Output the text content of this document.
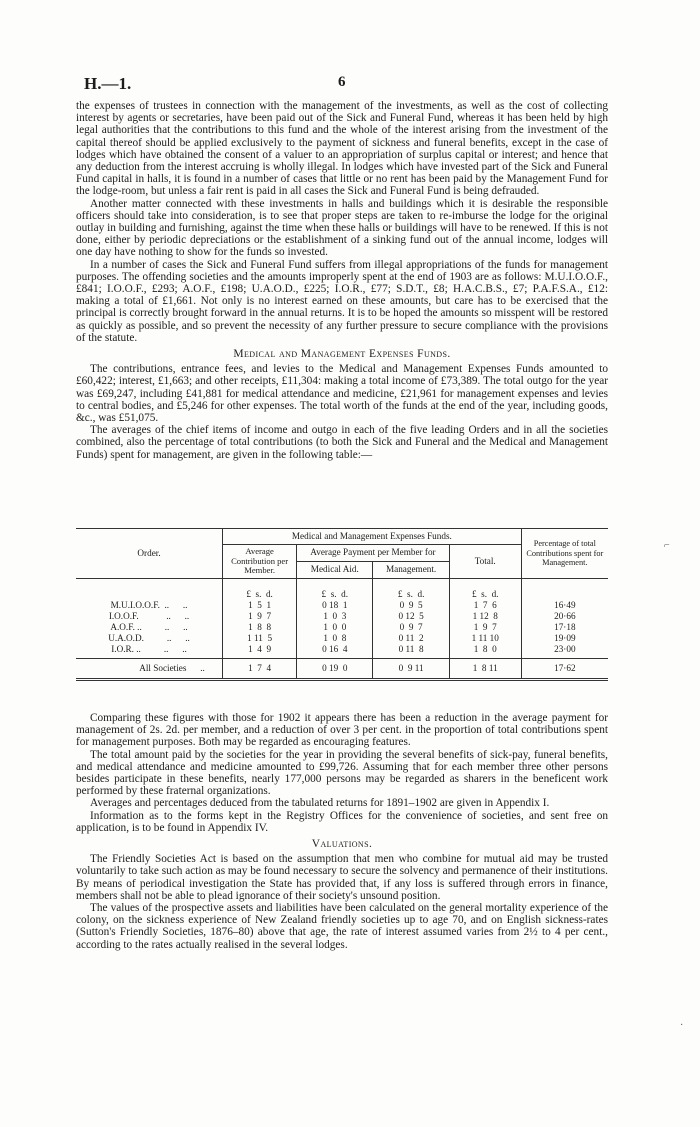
H.—1.	6

the expenses of trustees in connection with the management of the investments, as well as the cost of collecting interest by agents or secretaries, have been paid out of the Sick and Funeral Fund, whereas it has been held by high legal authorities that the contributions to this fund and the whole of the interest arising from the investment of the capital thereof should be applied exclusively to the payment of sickness and funeral benefits, except in the case of lodges which have obtained the consent of a valuer to an appropriation of surplus capital or interest; and hence that any deduction from the interest accruing is wholly illegal. In lodges which have invested part of the Sick and Funeral Fund capital in halls, it is found in a number of cases that little or no rent has been paid by the Management Fund for the lodge-room, but unless a fair rent is paid in all cases the Sick and Funeral Fund is being defrauded.

Another matter connected with these investments in halls and buildings which it is desirable the responsible officers should take into consideration, is to see that proper steps are taken to re-imburse the lodge for the original outlay in building and furnishing, against the time when these halls or buildings will have to be renewed. If this is not done, either by periodic depreciations or the establishment of a sinking fund out of the annual income, lodges will one day have nothing to show for the funds so invested.

In a number of cases the Sick and Funeral Fund suffers from illegal appropriations of the funds for management purposes. The offending societies and the amounts improperly spent at the end of 1903 are as follows: M.U.I.O.O.F., £841; I.O.O.F., £293; A.O.F., £198; U.A.O.D., £225; I.O.R., £77; S.D.T., £8; H.A.C.B.S., £7; P.A.F.S.A., £12: making a total of £1,661. Not only is no interest earned on these amounts, but care has to be exercised that the principal is correctly brought forward in the annual returns. It is to be hoped the amounts so misspent will be restored as quickly as possible, and so prevent the necessity of any further pressure to secure compliance with the provisions of the statute.

Medical and Management Expenses Funds.

The contributions, entrance fees, and levies to the Medical and Management Expenses Funds amounted to £60,422; interest, £1,663; and other receipts, £11,304: making a total income of £73,389. The total outgo for the year was £69,247, including £41,881 for medical attendance and medicine, £21,961 for management expenses and levies to central bodies, and £5,246 for other expenses. The total worth of the funds at the end of the year, including goods, &c., was £51,075.

The averages of the chief items of income and outgo in each of the five leading Orders and in all the societies combined, also the percentage of total contributions (to both the Sick and Funeral and the Medical and Management Funds) spent for management, are given in the following table:—

Order.	Medical and Management Expenses Funds.				Percentage of total Contributions spent for Management.
	Average Contribution per Member.	Average Payment per Member for		Total.	
		Medical Aid.	Management.		
	£  s.  d.	£  s.  d.	£  s.  d.	£  s.  d.	
M.U.I.O.O.F.  ..      ..	1  5  1	0 18  1	0  9  5	1  7  6	16·49
I.O.O.F.            ..      ..	1  9  7	1  0  3	0 12  5	1 12  8	20·66
A.O.F. ..          ..      ..	1  8  8	1  0  0	0  9  7	1  9  7	17·18
U.A.O.D.          ..      ..	1 11  5	1  0  8	0 11  2	1 11 10	19·09
I.O.R. ..          ..      ..	1  4  9	0 16  4	0 11  8	1  8  0	23·00
All Societies      ..	1  7  4	0 19  0	0  9 11	1  8 11	17·62

Comparing these figures with those for 1902 it appears there has been a reduction in the average payment for management of 2s. 2d. per member, and a reduction of over 3 per cent. in the proportion of total contributions spent for management purposes. Both may be regarded as encouraging features.

The total amount paid by the societies for the year in providing the several benefits of sick-pay, funeral benefits, and medical attendance and medicine amounted to £99,726. Assuming that for each member three other persons besides participate in these benefits, nearly 177,000 persons may be regarded as sharers in the beneficent work performed by these fraternal organizations.

Averages and percentages deduced from the tabulated returns for 1891–1902 are given in Appendix I.

Information as to the forms kept in the Registry Offices for the convenience of societies, and sent free on application, is to be found in Appendix IV.

Valuations.

The Friendly Societies Act is based on the assumption that men who combine for mutual aid may be trusted voluntarily to take such action as may be found necessary to secure the solvency and permanence of their institutions. By means of periodical investigation the State has provided that, if any loss is suffered through errors in finance, members shall not be able to plead ignorance of their society's unsound position.

The values of the prospective assets and liabilities have been calculated on the general mortality experience of the colony, on the sickness experience of New Zealand friendly societies up to age 70, and on English sickness-rates (Sutton's Friendly Societies, 1876–80) above that age, the rate of interest assumed varies from 2½ to 4 per cent., according to the rates actually realised in the several lodges.

⌐
·
